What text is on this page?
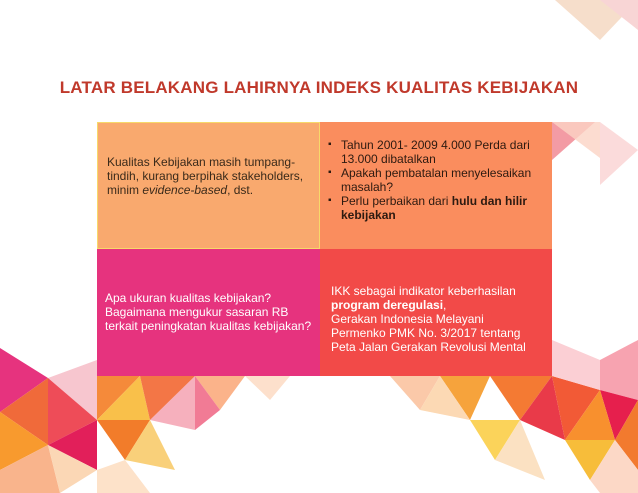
LATAR BELAKANG LAHIRNYA INDEKS KUALITAS KEBIJAKAN
Kualitas Kebijakan masih tumpang-tindih, kurang berpihak stakeholders, minim evidence-based, dst.
▪ Tahun 2001- 2009 4.000 Perda dari 13.000 dibatalkan
▪ Apakah pembatalan menyelesaikan masalah?
▪ Perlu perbaikan dari hulu dan hilir kebijakan
Apa ukuran kualitas kebijakan? Bagaimana mengukur sasaran RB terkait peningkatan kualitas kebijakan?
IKK sebagai indikator keberhasilan
program deregulasi,
Gerakan Indonesia Melayani
Permenko PMK No. 3/2017 tentang
Peta Jalan Gerakan Revolusi Mental
